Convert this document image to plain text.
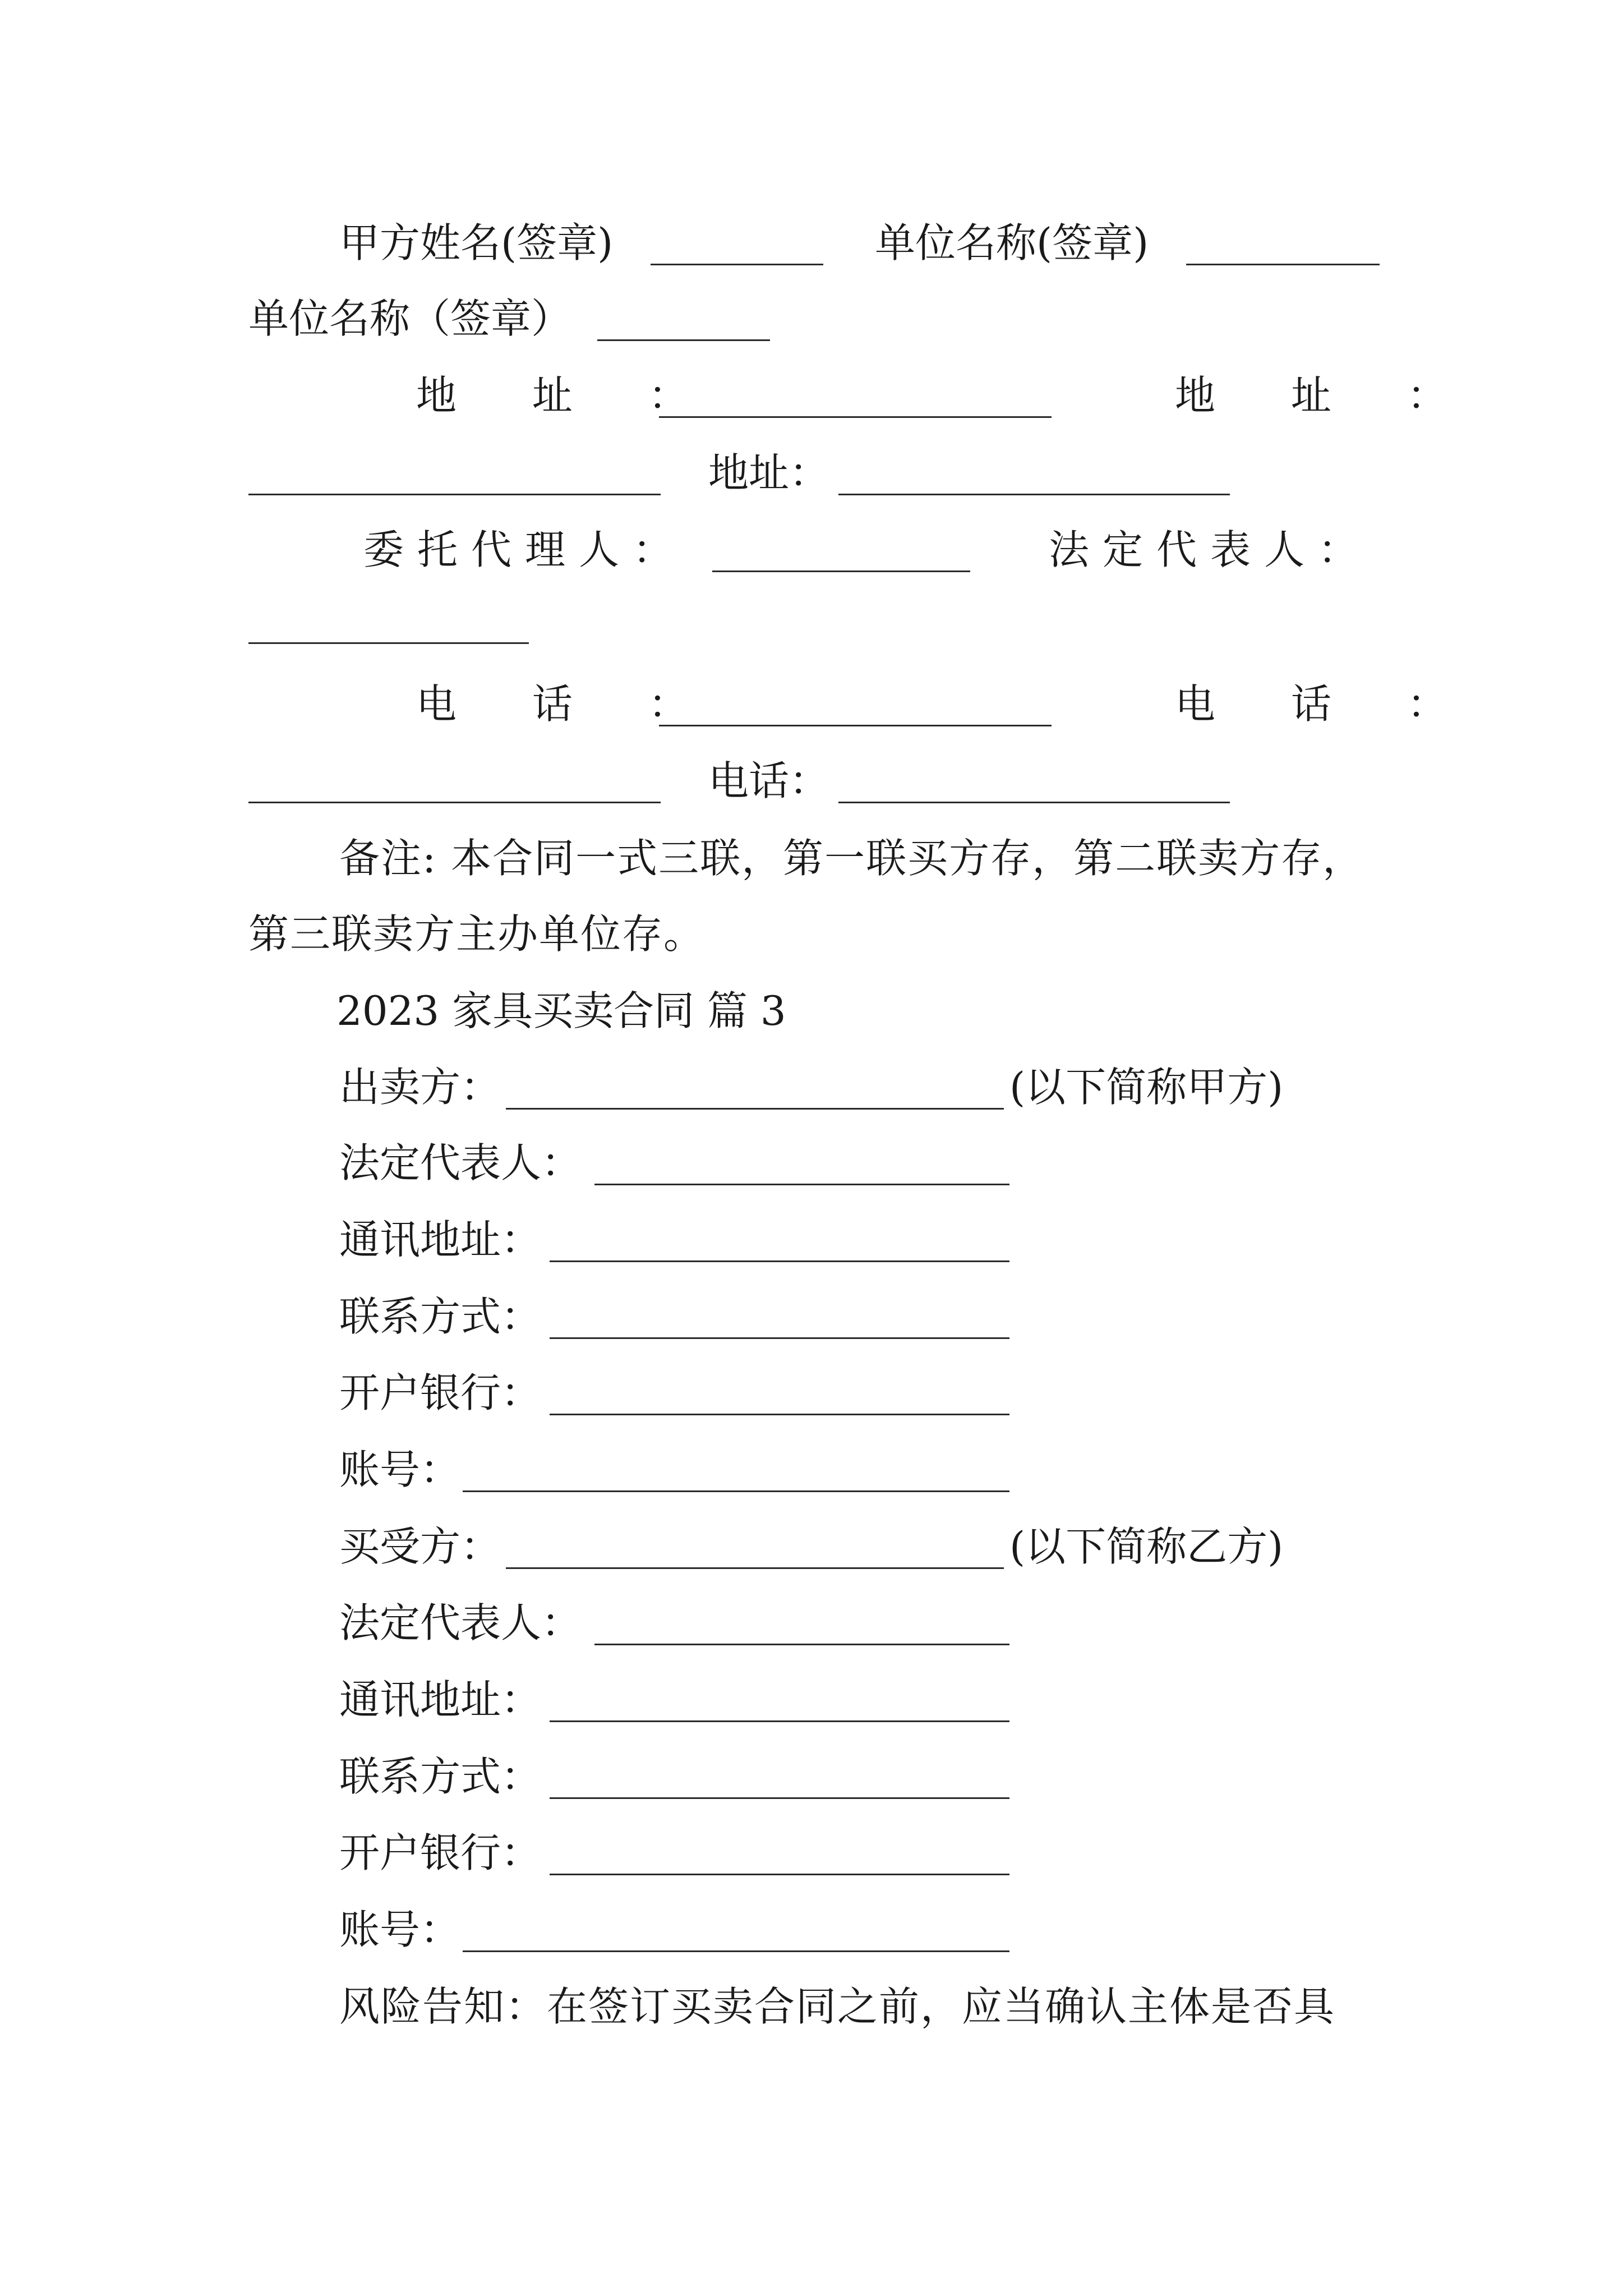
甲方姓名(签章)	单位名称(签章)
单位名称（签章）
地 址 ：	地 址 ：
地址：
委托代理人：	法定代表人：
电 话 ：	电 话 ：
电话：
备注: 本合同一式三联，第一联买方存，第二联卖方存，
第三联卖方主办单位存。
2023 家具买卖合同 篇 3
出卖方：	(以下简称甲方)
法定代表人：
通讯地址：
联系方式：
开户银行：
账号：
买受方：	(以下简称乙方)
法定代表人：
通讯地址：
联系方式：
开户银行：
账号：
风险告知：在签订买卖合同之前，应当确认主体是否具
